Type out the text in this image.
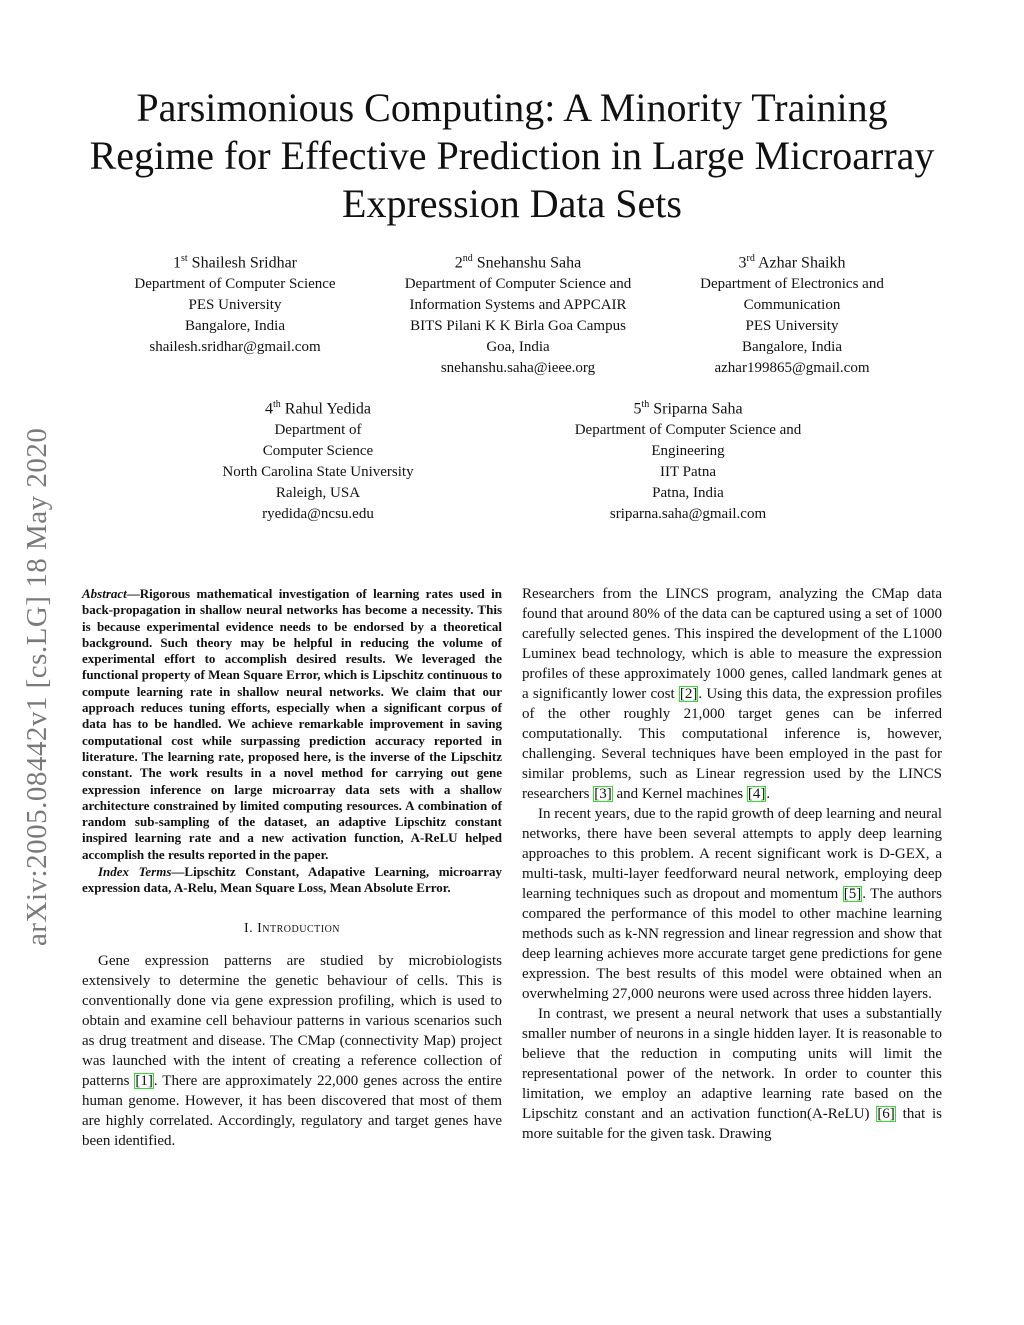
arXiv:2005.08442v1 [cs.LG] 18 May 2020
Parsimonious Computing: A Minority Training Regime for Effective Prediction in Large Microarray Expression Data Sets
1st Shailesh Sridhar
Department of Computer Science
PES University
Bangalore, India
shailesh.sridhar@gmail.com
2nd Snehanshu Saha
Department of Computer Science and
Information Systems and APPCAIR
BITS Pilani K K Birla Goa Campus
Goa, India
snehanshu.saha@ieee.org
3rd Azhar Shaikh
Department of Electronics and
Communication
PES University
Bangalore, India
azhar199865@gmail.com
4th Rahul Yedida
Department of
Computer Science
North Carolina State University
Raleigh, USA
ryedida@ncsu.edu
5th Sriparna Saha
Department of Computer Science and
Engineering
IIT Patna
Patna, India
sriparna.saha@gmail.com

Abstract—Rigorous mathematical investigation of learning rates used in back-propagation in shallow neural networks has become a necessity. This is because experimental evidence needs to be endorsed by a theoretical background. Such theory may be helpful in reducing the volume of experimental effort to accomplish desired results. We leveraged the functional property of Mean Square Error, which is Lipschitz continuous to compute learning rate in shallow neural networks. We claim that our approach reduces tuning efforts, especially when a significant corpus of data has to be handled. We achieve remarkable improvement in saving computational cost while surpassing prediction accuracy reported in literature. The learning rate, proposed here, is the inverse of the Lipschitz constant. The work results in a novel method for carrying out gene expression inference on large microarray data sets with a shallow architecture constrained by limited computing resources. A combination of random sub-sampling of the dataset, an adaptive Lipschitz constant inspired learning rate and a new activation function, A-ReLU helped accomplish the results reported in the paper.

Index Terms—Lipschitz Constant, Adapative Learning, microarray expression data, A-Relu, Mean Square Loss, Mean Absolute Error.

I. Introduction

Gene expression patterns are studied by microbiologists extensively to determine the genetic behaviour of cells. This is conventionally done via gene expression profiling, which is used to obtain and examine cell behaviour patterns in various scenarios such as drug treatment and disease. The CMap (connectivity Map) project was launched with the intent of creating a reference collection of patterns [1]. There are approximately 22,000 genes across the entire human genome. However, it has been discovered that most of them are highly correlated. Accordingly, regulatory and target genes have been identified.

Researchers from the LINCS program, analyzing the CMap data found that around 80% of the data can be captured using a set of 1000 carefully selected genes. This inspired the development of the L1000 Luminex bead technology, which is able to measure the expression profiles of these approximately 1000 genes, called landmark genes at a significantly lower cost [2]. Using this data, the expression profiles of the other roughly 21,000 target genes can be inferred computationally. This computational inference is, however, challenging. Several techniques have been employed in the past for similar problems, such as Linear regression used by the LINCS researchers [3] and Kernel machines [4].

In recent years, due to the rapid growth of deep learning and neural networks, there have been several attempts to apply deep learning approaches to this problem. A recent significant work is D-GEX, a multi-task, multi-layer feedforward neural network, employing deep learning techniques such as dropout and momentum [5]. The authors compared the performance of this model to other machine learning methods such as k-NN regression and linear regression and show that deep learning achieves more accurate target gene predictions for gene expression. The best results of this model were obtained when an overwhelming 27,000 neurons were used across three hidden layers.

In contrast, we present a neural network that uses a substantially smaller number of neurons in a single hidden layer. It is reasonable to believe that the reduction in computing units will limit the representational power of the network. In order to counter this limitation, we employ an adaptive learning rate based on the Lipschitz constant and an activation function(A-ReLU) [6] that is more suitable for the given task. Drawing
